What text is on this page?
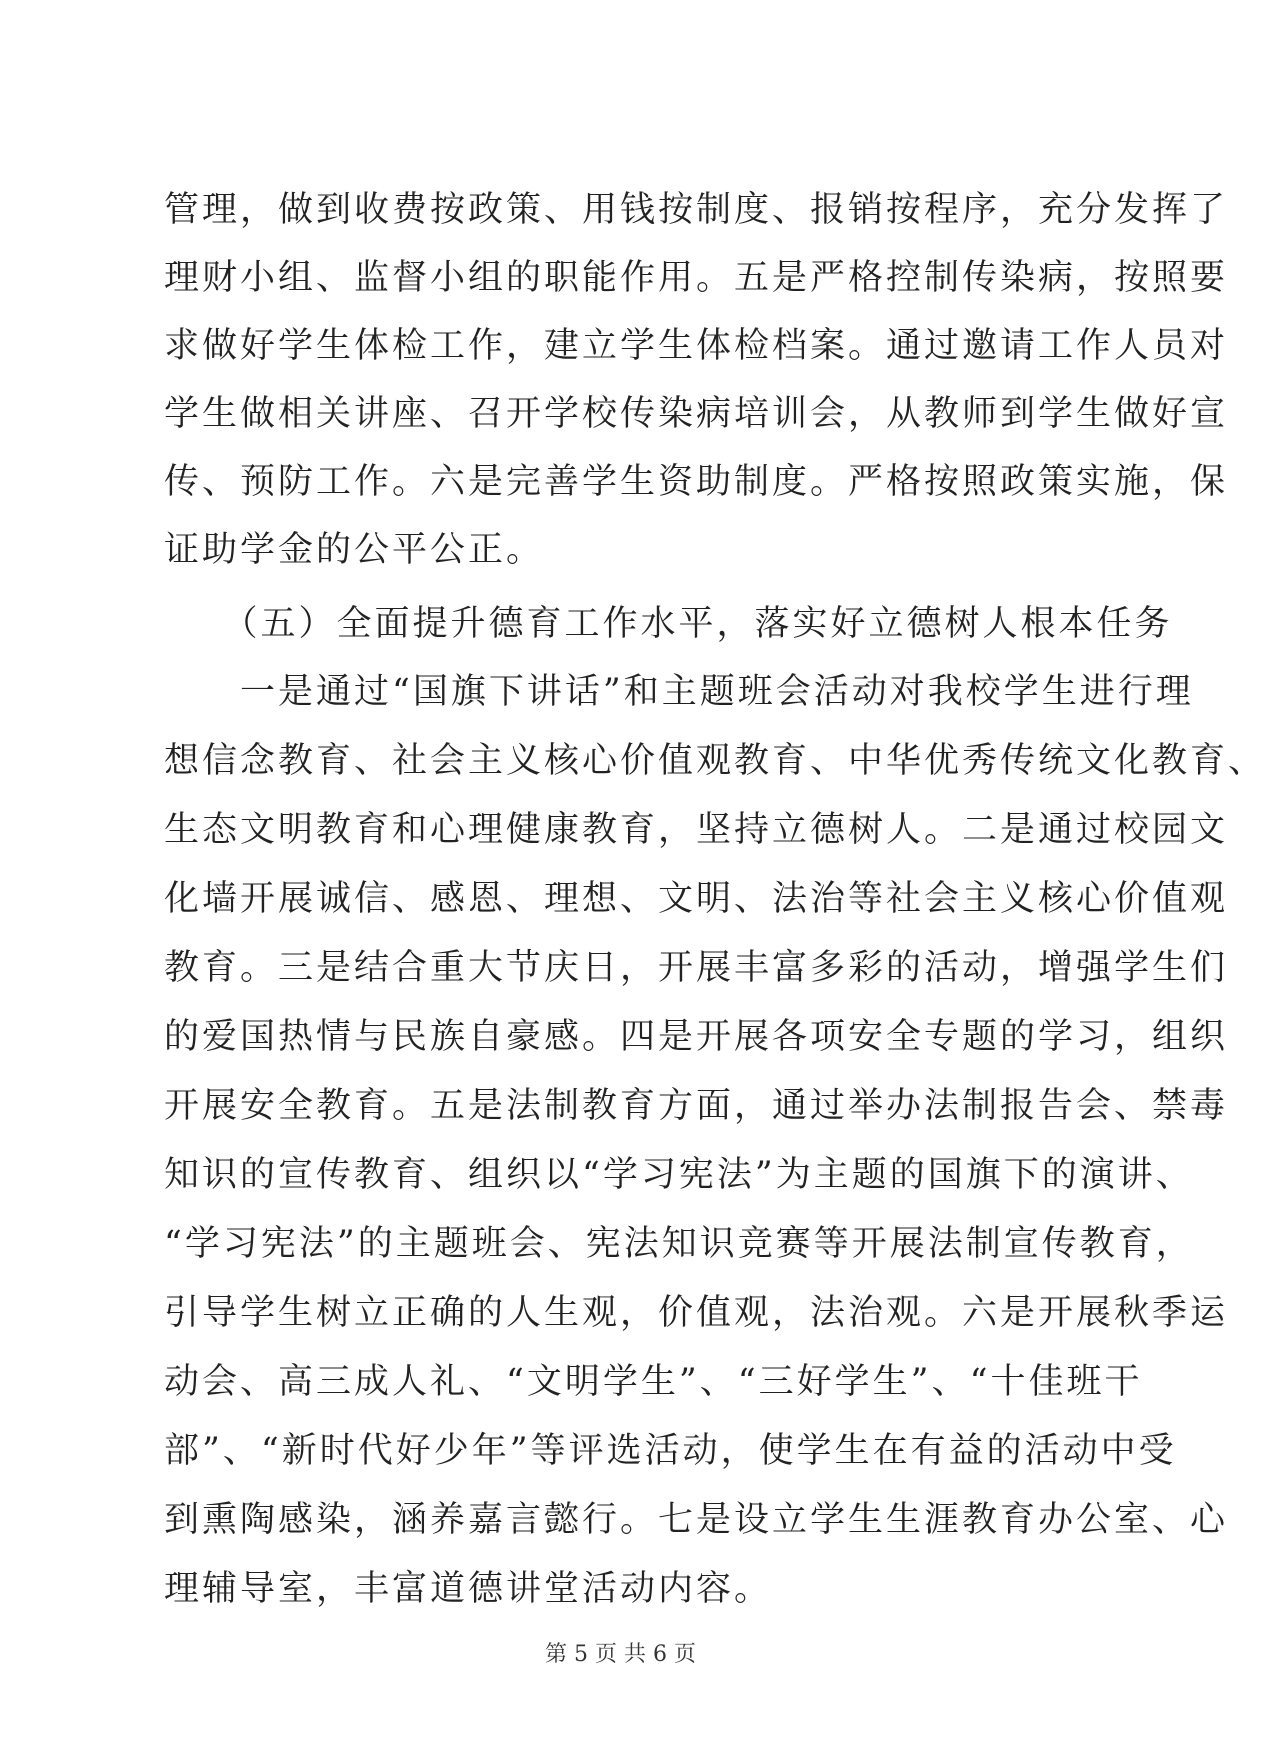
管理，做到收费按政策、用钱按制度、报销按程序，充分发挥了
理财小组、监督小组的职能作用。五是严格控制传染病，按照要
求做好学生体检工作，建立学生体检档案。通过邀请工作人员对
学生做相关讲座、召开学校传染病培训会，从教师到学生做好宣
传、预防工作。六是完善学生资助制度。严格按照政策实施，保
证助学金的公平公正。
　　（五）全面提升德育工作水平，落实好立德树人根本任务
　　一是通过“国旗下讲话”和主题班会活动对我校学生进行理
想信念教育、社会主义核心价值观教育、中华优秀传统文化教育、
生态文明教育和心理健康教育，坚持立德树人。二是通过校园文
化墙开展诚信、感恩、理想、文明、法治等社会主义核心价值观
教育。三是结合重大节庆日，开展丰富多彩的活动，增强学生们
的爱国热情与民族自豪感。四是开展各项安全专题的学习，组织
开展安全教育。五是法制教育方面，通过举办法制报告会、禁毒
知识的宣传教育、组织以“学习宪法”为主题的国旗下的演讲、
“学习宪法”的主题班会、宪法知识竞赛等开展法制宣传教育，
引导学生树立正确的人生观，价值观，法治观。六是开展秋季运
动会、高三成人礼、“文明学生”、“三好学生”、“十佳班干
部”、“新时代好少年”等评选活动，使学生在有益的活动中受
到熏陶感染，涵养嘉言懿行。七是设立学生生涯教育办公室、心
理辅导室，丰富道德讲堂活动内容。
第 5 页 共 6 页
